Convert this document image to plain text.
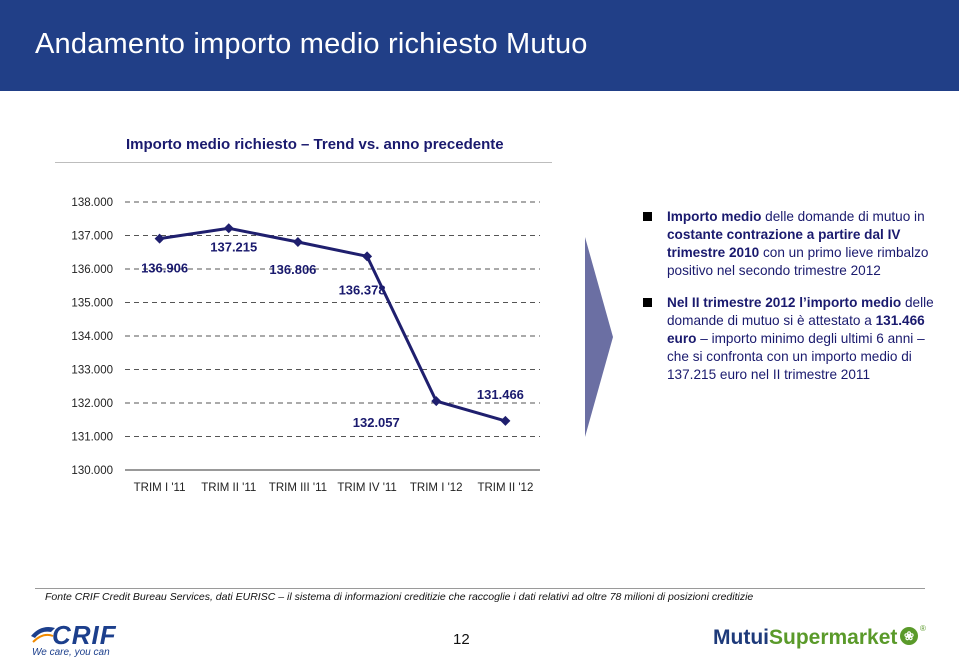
Andamento importo medio richiesto Mutuo
Importo medio richiesto – Trend vs. anno precedente
130.000
131.000
132.000
133.000
134.000
135.000
136.000
137.000
138.000
TRIM I '11 TRIM II '11 TRIM III '11 TRIM IV '11 TRIM I '12 TRIM II '12
136.906
137.215
136.806
136.378
132.057
131.466
Importo medio delle domande di mutuo in costante contrazione a partire dal IV trimestre 2010 con un primo lieve rimbalzo positivo nel secondo trimestre 2012
Nel II trimestre 2012 l’importo medio delle domande di mutuo si è attestato a 131.466 euro – importo minimo degli ultimi 6 anni – che si confronta con un importo medio di 137.215 euro nel II trimestre 2011
Fonte CRIF Credit Bureau Services, dati EURISC – il sistema di informazioni creditizie che raccoglie i dati relativi ad oltre 78 milioni di posizioni creditizie
CRIF
We care, you can
12	MutuiSupermarket ❀
®
